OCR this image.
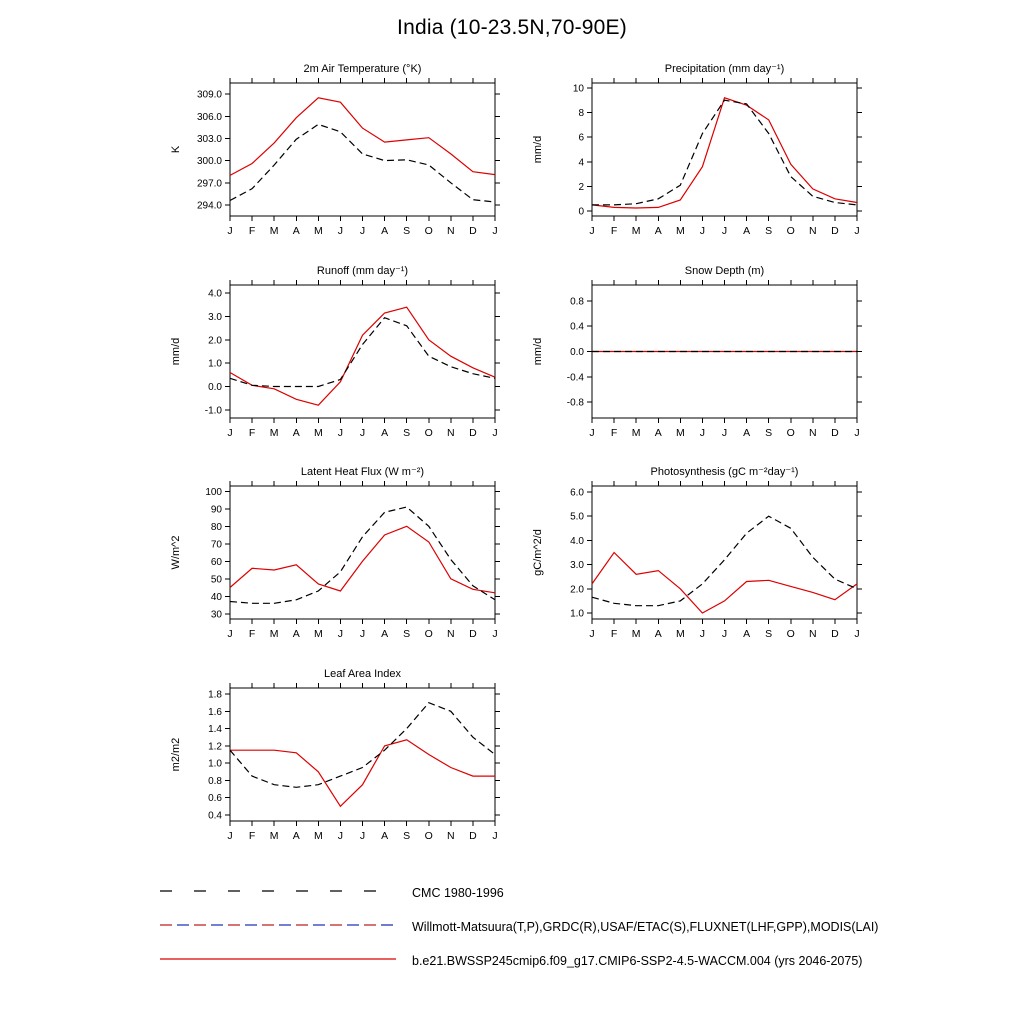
India (10-23.5N,70-90E)
2m Air Temperature (°K)
K
294.0
297.0
300.0
303.0
306.0
309.0
J F M A M J J A S O N D J
Precipitation (mm day⁻¹)
mm/d
0
2
4
6
8
10
J F M A M J J A S O N D J
Runoff (mm day⁻¹)
mm/d
-1.0
0.0
1.0
2.0
3.0
4.0
J F M A M J J A S O N D J
Snow Depth (m)
mm/d
-0.8
-0.4
0.0
0.4
0.8
J F M A M J J A S O N D J
Latent Heat Flux (W m⁻²)
W/m^2
30
40
50
60
70
80
90
100
J F M A M J J A S O N D J
Photosynthesis (gC m⁻²day⁻¹)
gC/m^2/d
1.0
2.0
3.0
4.0
5.0
6.0
J F M A M J J A S O N D J
Leaf Area Index
m2/m2
0.4
0.6
0.8
1.0
1.2
1.4
1.6
1.8
J F M A M J J A S O N D J
CMC 1980-1996
Willmott-Matsuura(T,P),GRDC(R),USAF/ETAC(S),FLUXNET(LHF,GPP),MODIS(LAI)
b.e21.BWSSP245cmip6.f09_g17.CMIP6-SSP2-4.5-WACCM.004 (yrs 2046-2075)
